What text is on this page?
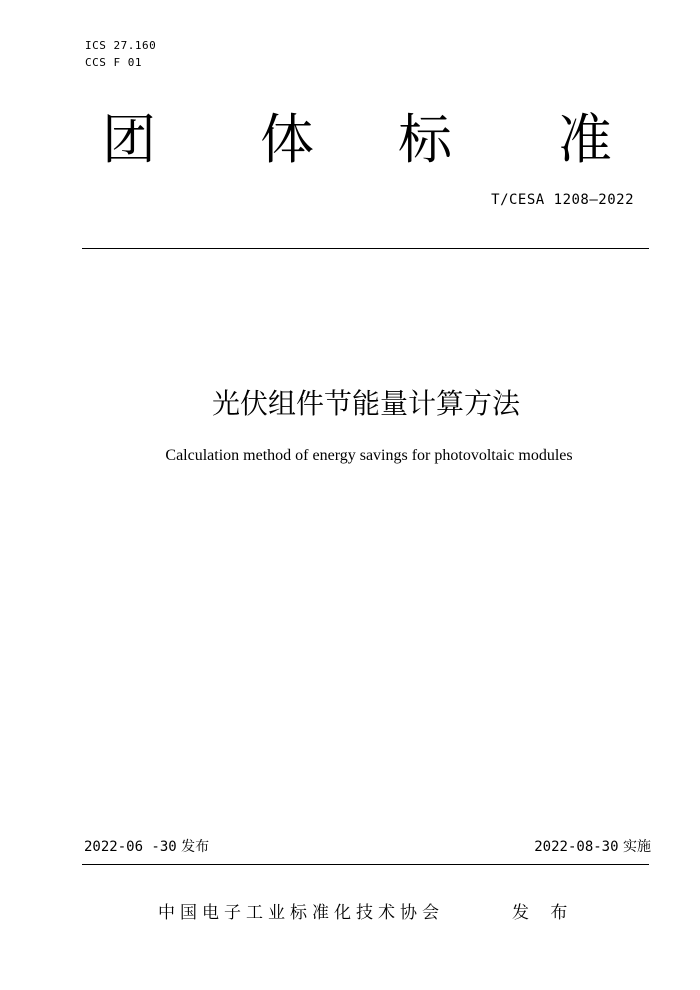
ICS 27.160
CCS F 01
团 体 标 准
T/CESA 1208—2022
光伏组件节能量计算方法
Calculation method of energy savings for photovoltaic modules
2022-06 -30 发布	2022-08-30 实施
中国电子工业标准化技术协会	发 布
